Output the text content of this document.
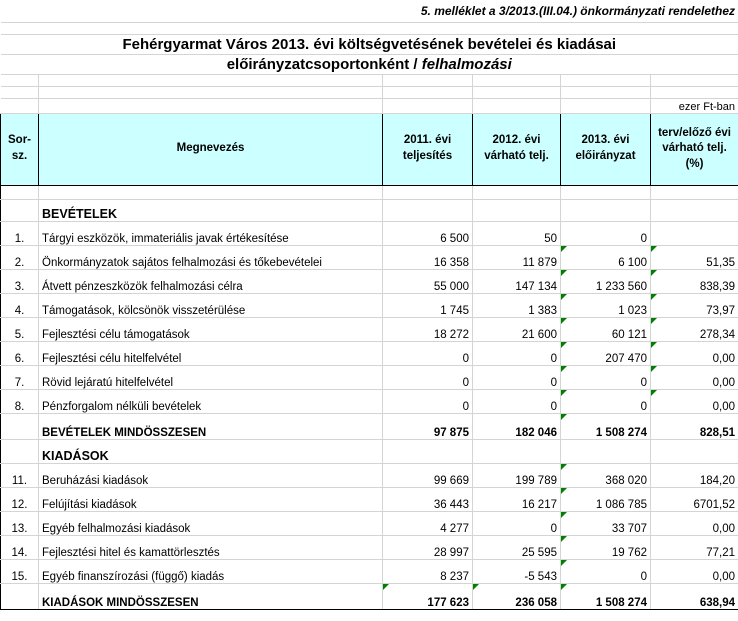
5. melléklet a 3/2013.(III.04.) önkormányzati rendelethez					

Fehérgyarmat Város 2013. évi költségvetésének bevételei és kiadásai					
előirányzatcsoportonként / felhalmozási					

					ezer Ft-ban
Sor-sz.	Megnevezés	2011. évi teljesítés	2012. évi várható telj.	2013. évi előirányzat	terv/előző évi várható telj. (%)

	BEVÉTELEK				
1.	Tárgyi eszközök, immateriális javak értékesítése	6 500	50	0	
2.	Önkormányzatok sajátos felhalmozási és tőkebevételei	16 358	11 879	6 100	51,35
3.	Átvett pénzeszközök felhalmozási célra	55 000	147 134	1 233 560	838,39
4.	Támogatások, kölcsönök visszetérülése	1 745	1 383	1 023	73,97
5.	Fejlesztési célu támogatások	18 272	21 600	60 121	278,34
6.	Fejlesztési célu hitelfelvétel	0	0	207 470	0,00
7.	Rövid lejáratú hitelfelvétel	0	0	0	0,00
8.	Pénzforgalom nélküli bevételek	0	0	0	0,00
	BEVÉTELEK MINDÖSSZESEN	97 875	182 046	1 508 274	828,51
	KIADÁSOK				
11.	Beruházási kiadások	99 669	199 789	368 020	184,20
12.	Felújítási kiadások	36 443	16 217	1 086 785	6701,52
13.	Egyéb felhalmozási kiadások	4 277	0	33 707	0,00
14.	Fejlesztési hitel és kamattörlesztés	28 997	25 595	19 762	77,21
15.	Egyéb finanszírozási (függő) kiadás	8 237	-5 543	0	0,00
	KIADÁSOK MINDÖSSZESEN	177 623	236 058	1 508 274	638,94
